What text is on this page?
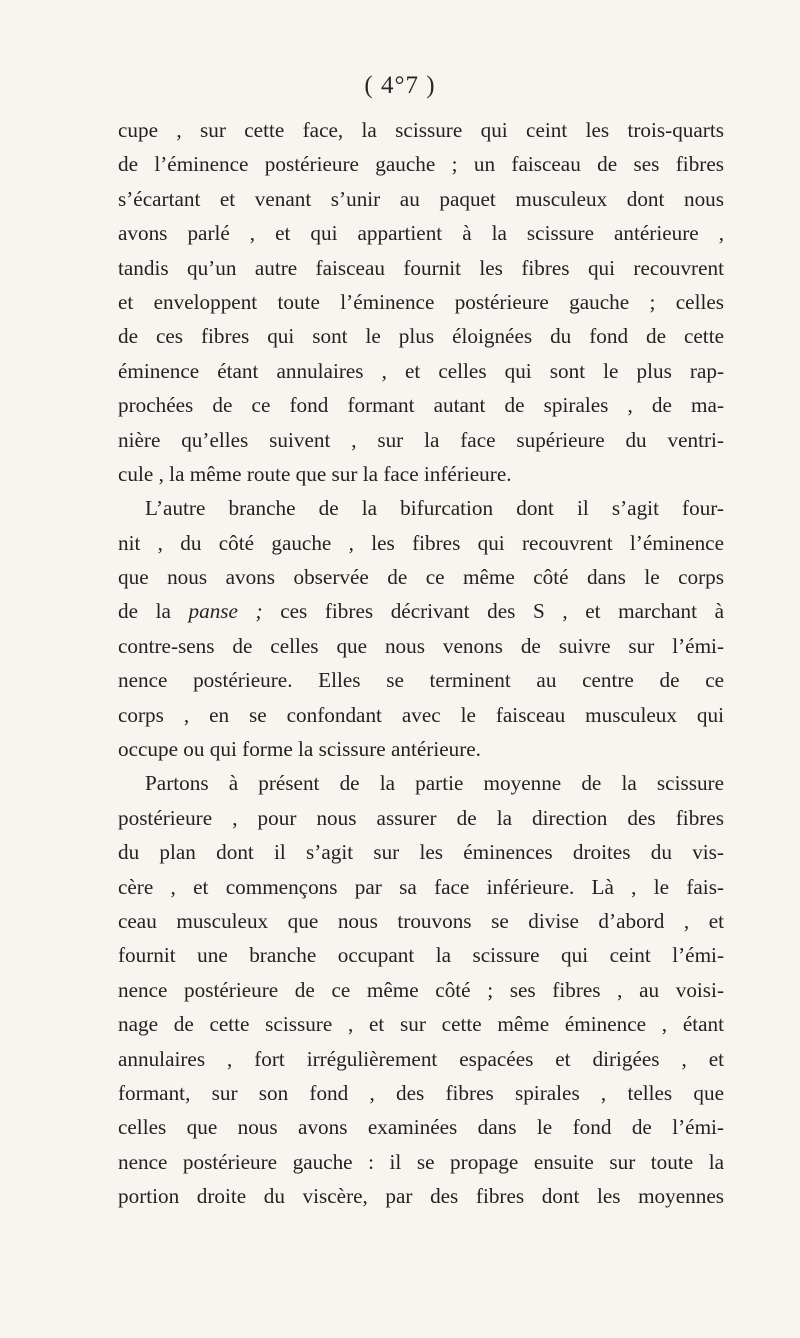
( 4°7 )
cupe , sur cette face, la scissure qui ceint les trois-quarts
de l’éminence postérieure gauche ; un faisceau de ses fibres
s’écartant et venant s’unir au paquet musculeux dont nous
avons parlé , et qui appartient à la scissure antérieure ,
tandis qu’un autre faisceau fournit les fibres qui recouvrent
et enveloppent toute l’éminence postérieure gauche ; celles
de ces fibres qui sont le plus éloignées du fond de cette
éminence étant annulaires , et celles qui sont le plus rap-
prochées de ce fond formant autant de spirales , de ma-
nière qu’elles suivent , sur la face supérieure du ventri-
cule , la même route que sur la face inférieure.
L’autre branche de la bifurcation dont il s’agit four-
nit , du côté gauche , les fibres qui recouvrent l’éminence
que nous avons observée de ce même côté dans le corps
de la panse ; ces fibres décrivant des S , et marchant à
contre-sens de celles que nous venons de suivre sur l’émi-
nence postérieure. Elles se terminent au centre de ce
corps , en se confondant avec le faisceau musculeux qui
occupe ou qui forme la scissure antérieure.
Partons à présent de la partie moyenne de la scissure
postérieure , pour nous assurer de la direction des fibres
du plan dont il s’agit sur les éminences droites du vis-
cère , et commençons par sa face inférieure. Là , le fais-
ceau musculeux que nous trouvons se divise d’abord , et
fournit une branche occupant la scissure qui ceint l’émi-
nence postérieure de ce même côté ; ses fibres , au voisi-
nage de cette scissure , et sur cette même éminence , étant
annulaires , fort irrégulièrement espacées et dirigées , et
formant, sur son fond , des fibres spirales , telles que
celles que nous avons examinées dans le fond de l’émi-
nence postérieure gauche : il se propage ensuite sur toute la
portion droite du viscère, par des fibres dont les moyennes
